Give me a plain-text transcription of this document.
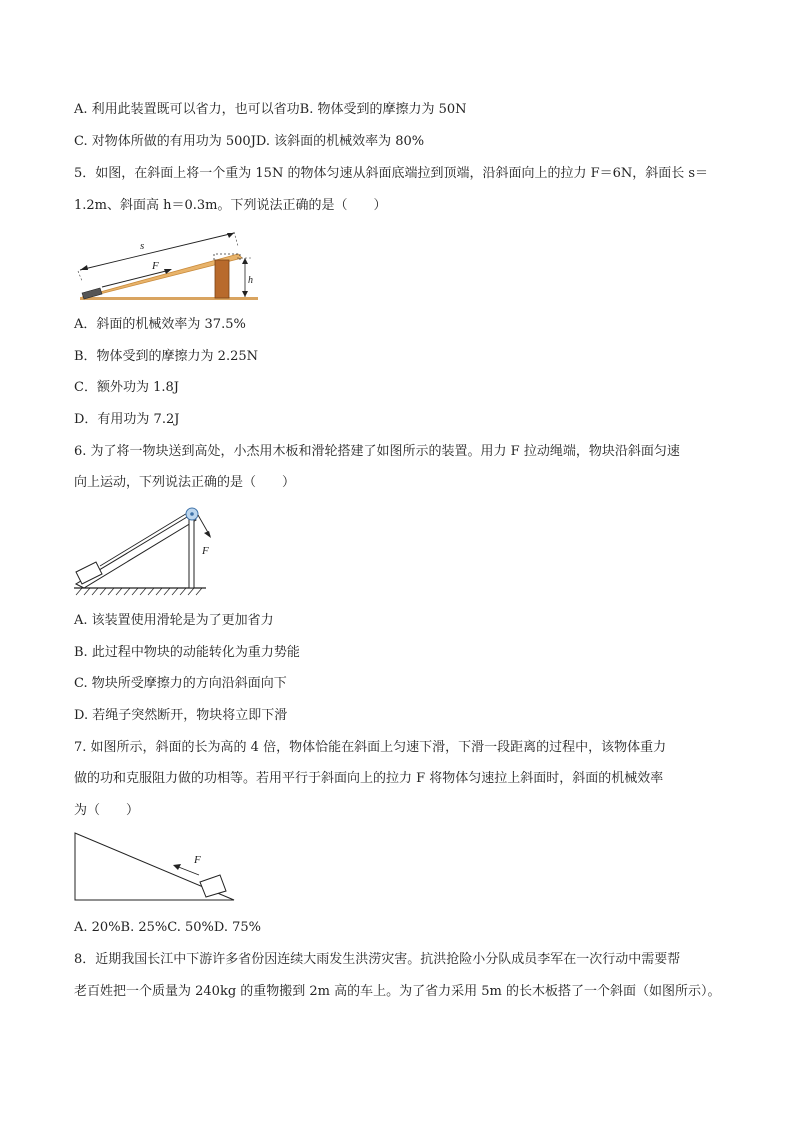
A. 利用此装置既可以省力，也可以省功B. 物体受到的摩擦力为 50N
C. 对物体所做的有用功为 500JD. 该斜面的机械效率为 80%
5．如图，在斜面上将一个重为 15N 的物体匀速从斜面底端拉到顶端，沿斜面向上的拉力 F＝6N，斜面长 s＝
1.2m、斜面高 h＝0.3m。下列说法正确的是（　　）
s
F
h
A．斜面的机械效率为 37.5%
B．物体受到的摩擦力为 2.25N
C．额外功为 1.8J
D．有用功为 7.2J
6. 为了将一物块送到高处，小杰用木板和滑轮搭建了如图所示的装置。用力 F 拉动绳端，物块沿斜面匀速
向上运动，下列说法正确的是（　　）
F
A. 该装置使用滑轮是为了更加省力
B. 此过程中物块的动能转化为重力势能
C. 物块所受摩擦力的方向沿斜面向下
D. 若绳子突然断开，物块将立即下滑
7. 如图所示，斜面的长为高的 4 倍，物体恰能在斜面上匀速下滑，下滑一段距离的过程中，该物体重力
做的功和克服阻力做的功相等。若用平行于斜面向上的拉力 F 将物体匀速拉上斜面时，斜面的机械效率
为（　　）
F
A. 20%B. 25%C. 50%D. 75%
8．近期我国长江中下游许多省份因连续大雨发生洪涝灾害。抗洪抢险小分队成员李军在一次行动中需要帮
老百姓把一个质量为 240kg 的重物搬到 2m 高的车上。为了省力采用 5m 的长木板搭了一个斜面（如图所示）。
